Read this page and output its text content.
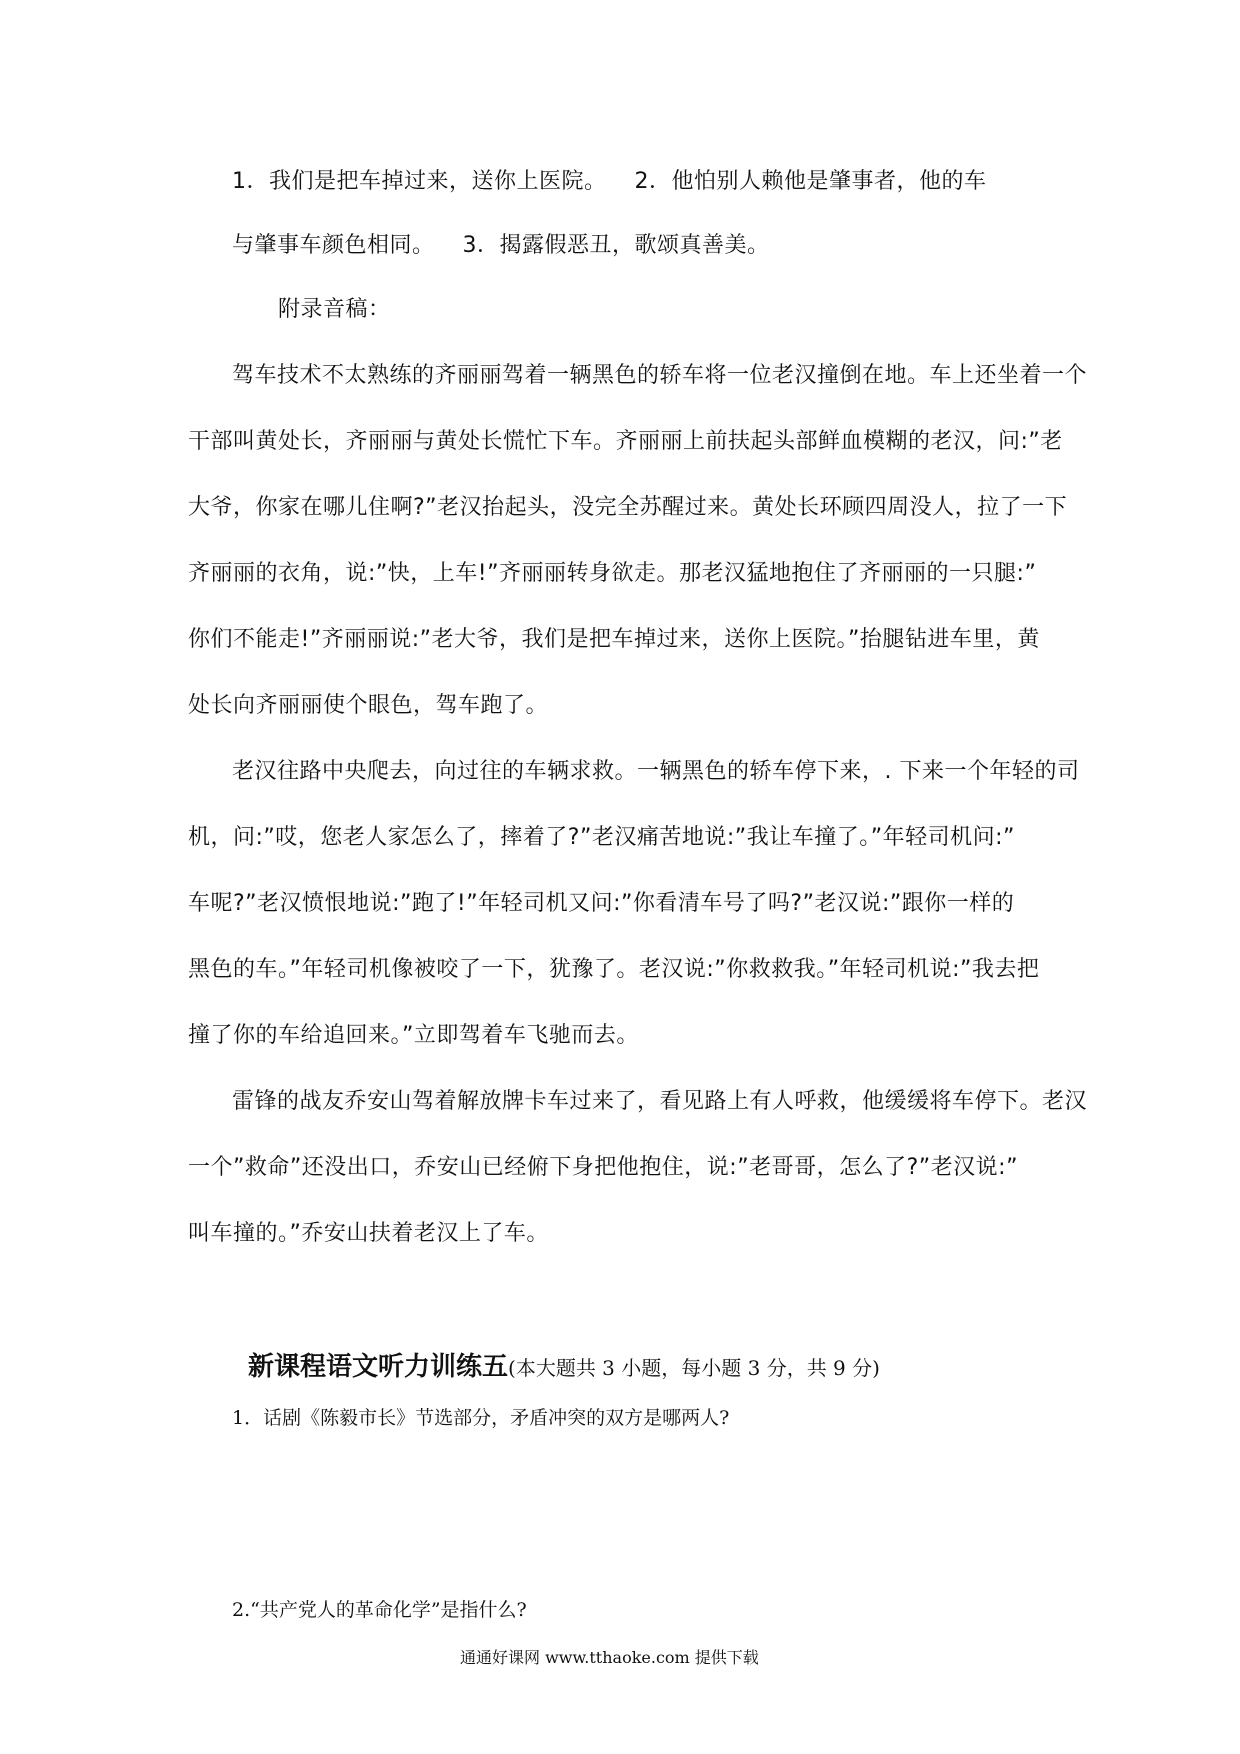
1．我们是把车掉过来，送你上医院。 2．他怕别人赖他是肇事者，他的车
与肇事车颜色相同。 3．揭露假恶丑，歌颂真善美。
附录音稿：
驾车技术不太熟练的齐丽丽驾着一辆黑色的轿车将一位老汉撞倒在地。车上还坐着一个
干部叫黄处长，齐丽丽与黄处长慌忙下车。齐丽丽上前扶起头部鲜血模糊的老汉，问:”老
大爷，你家在哪儿住啊?”老汉抬起头，没完全苏醒过来。黄处长环顾四周没人，拉了一下
齐丽丽的衣角，说:”快，上车!”齐丽丽转身欲走。那老汉猛地抱住了齐丽丽的一只腿:”
你们不能走!”齐丽丽说:”老大爷，我们是把车掉过来，送你上医院。”抬腿钻进车里，黄
处长向齐丽丽使个眼色，驾车跑了。
老汉往路中央爬去，向过往的车辆求救。一辆黑色的轿车停下来，. 下来一个年轻的司
机，问:”哎，您老人家怎么了，摔着了?”老汉痛苦地说:”我让车撞了。”年轻司机问:”
车呢?”老汉愤恨地说:”跑了!”年轻司机又问:”你看清车号了吗?”老汉说:”跟你一样的
黑色的车。”年轻司机像被咬了一下，犹豫了。老汉说:”你救救我。”年轻司机说:”我去把
撞了你的车给追回来。”立即驾着车飞驰而去。
雷锋的战友乔安山驾着解放牌卡车过来了，看见路上有人呼救，他缓缓将车停下。老汉
一个”救命”还没出口，乔安山已经俯下身把他抱住，说:”老哥哥，怎么了?”老汉说:”
叫车撞的。”乔安山扶着老汉上了车。
新课程语文听力训练五(本大题共 3 小题，每小题 3 分，共 9 分)
1．话剧《陈毅市长》节选部分，矛盾冲突的双方是哪两人?
2.“共产党人的革命化学”是指什么?
通通好课网 www.tthaoke.com 提供下载
